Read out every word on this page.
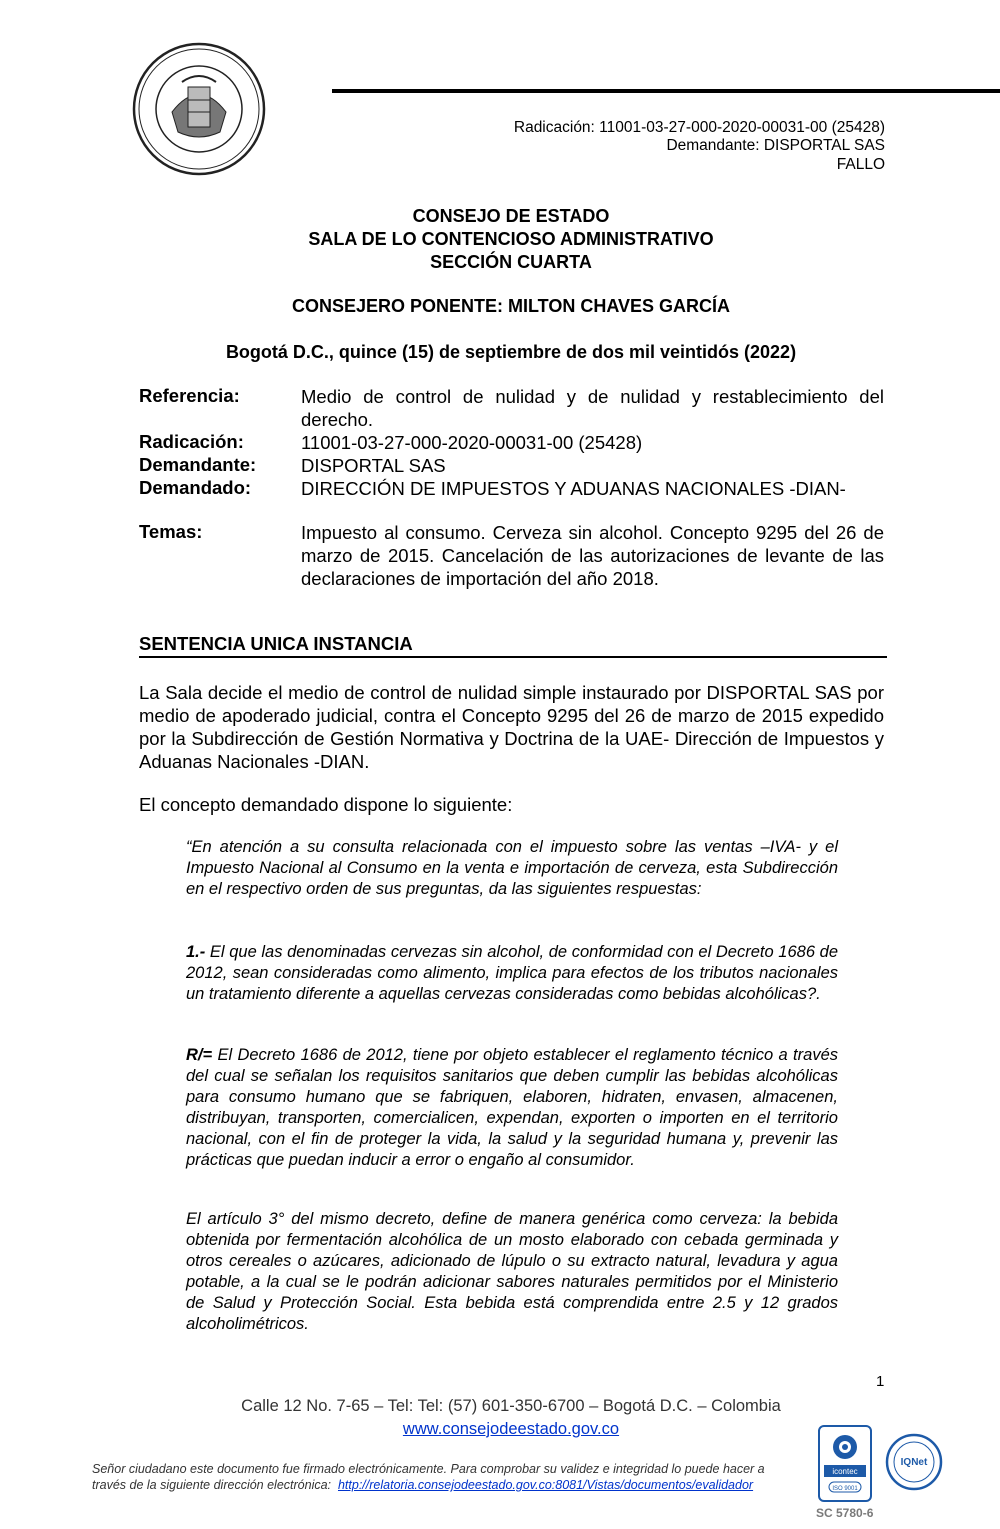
Radicación: 11001-03-27-000-2020-00031-00 (25428)
Demandante: DISPORTAL SAS
FALLO
CONSEJO DE ESTADO
SALA DE LO CONTENCIOSO ADMINISTRATIVO
SECCIÓN CUARTA
CONSEJERO PONENTE: MILTON CHAVES GARCÍA
Bogotá D.C., quince (15) de septiembre de dos mil veintidós (2022)
Referencia:	Medio de control de nulidad y de nulidad y restablecimiento del
derecho.
Radicación:	11001-03-27-000-2020-00031-00 (25428)
Demandante: DISPORTAL SAS
Demandado:	DIRECCIÓN DE IMPUESTOS Y ADUANAS NACIONALES -DIAN-
Temas:	Impuesto al consumo. Cerveza sin alcohol. Concepto 9295 del 26 de marzo de 2015. Cancelación de las autorizaciones de levante de las declaraciones de importación del año 2018.
SENTENCIA UNICA INSTANCIA
La Sala decide el medio de control de nulidad simple instaurado por DISPORTAL SAS por medio de apoderado judicial, contra el Concepto 9295 del 26 de marzo de 2015 expedido por la Subdirección de Gestión Normativa y Doctrina de la UAE- Dirección de Impuestos y Aduanas Nacionales -DIAN.
El concepto demandado dispone lo siguiente:
“En atención a su consulta relacionada con el impuesto sobre las ventas –IVA- y el Impuesto Nacional al Consumo en la venta e importación de cerveza, esta Subdirección en el respectivo orden de sus preguntas, da las siguientes respuestas:
1.- El que las denominadas cervezas sin alcohol, de conformidad con el Decreto 1686 de 2012, sean consideradas como alimento, implica para efectos de los tributos nacionales un tratamiento diferente a aquellas cervezas consideradas como bebidas alcohólicas?.
R/= El Decreto 1686 de 2012, tiene por objeto establecer el reglamento técnico a través del cual se señalan los requisitos sanitarios que deben cumplir las bebidas alcohólicas para consumo humano que se fabriquen, elaboren, hidraten, envasen, almacenen, distribuyan, transporten, comercialicen, expendan, exporten o importen en el territorio nacional, con el fin de proteger la vida, la salud y la seguridad humana y, prevenir las prácticas que puedan inducir a error o engaño al consumidor.
El artículo 3° del mismo decreto, define de manera genérica como cerveza: la bebida obtenida por fermentación alcohólica de un mosto elaborado con cebada germinada y otros cereales o azúcares, adicionado de lúpulo o su extracto natural, levadura y agua potable, a la cual se le podrán adicionar sabores naturales permitidos por el Ministerio de Salud y Protección Social. Esta bebida está comprendida entre 2.5 y 12 grados alcoholimétricos.
1
Calle 12 No. 7-65 – Tel: Tel: (57) 601-350-6700 – Bogotá D.C. – Colombia
www.consejodeestado.gov.co
Señor ciudadano este documento fue firmado electrónicamente. Para comprobar su validez e integridad lo puede hacer a
través de la siguiente dirección electrónica: http://relatoria.consejodeestado.gov.co:8081/Vistas/documentos/evalidador
icontec
ISO 9001
SC 5780-6
IQNet
